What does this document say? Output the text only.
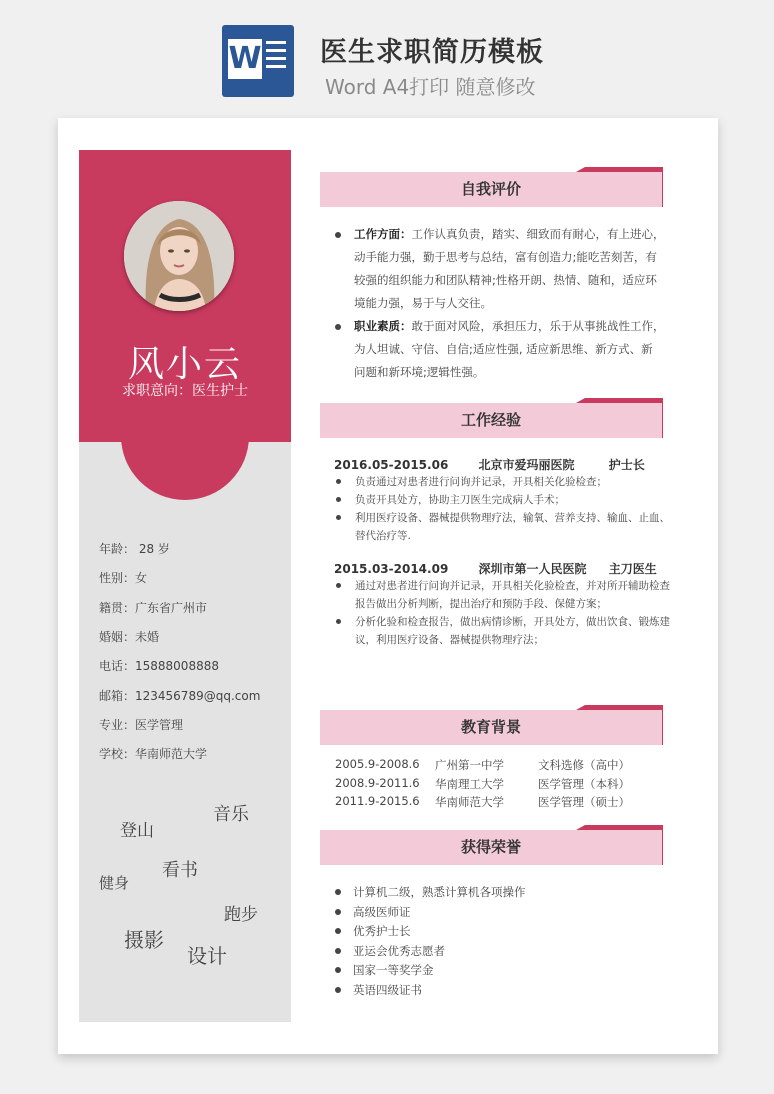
W 医生求职简历模板
Word A4打印 随意修改
风小云
求职意向：医生护士
年龄： 28 岁
性别：女
籍贯：广东省广州市
婚姻：未婚
电话：15888008888
邮箱：123456789@qq.com
专业：医学管理
学校：华南师范大学
登山
音乐
看书
健身
跑步
摄影
设计
自我评价
工作方面：工作认真负责，踏实、细致而有耐心，有上进心，
动手能力强，勤于思考与总结，富有创造力;能吃苦刻苦，有
较强的组织能力和团队精神;性格开朗、热情、随和，适应环
境能力强，易于与人交往。
职业素质：敢于面对风险，承担压力，乐于从事挑战性工作，
为人坦诚、守信、自信;适应性强, 适应新思维、新方式、新
问题和新环境;逻辑性强。
工作经验
2016.05-2015.06	北京市爱玛丽医院	护士长
负责通过对患者进行问询并记录，开具相关化验检查；
负责开具处方，协助主刀医生完成病人手术；
利用医疗设备、器械提供物理疗法，输氧、营养支持、输血、止血、
替代治疗等.
2015.03-2014.09	深圳市第一人民医院 主刀医生
通过对患者进行问询并记录，开具相关化验检查，并对所开辅助检查
报告做出分析判断，提出治疗和预防手段、保健方案；
分析化验和检查报告，做出病情诊断，开具处方，做出饮食、锻炼建
议，利用医疗设备、器械提供物理疗法；
教育背景
2005.9-2008.6 广州第一中学	文科选修（高中）
2008.9-2011.6 华南理工大学	医学管理（本科）
2011.9-2015.6 华南师范大学	医学管理（硕士）
获得荣誉
计算机二级，熟悉计算机各项操作
高级医师证
优秀护士长
亚运会优秀志愿者
国家一等奖学金
英语四级证书
